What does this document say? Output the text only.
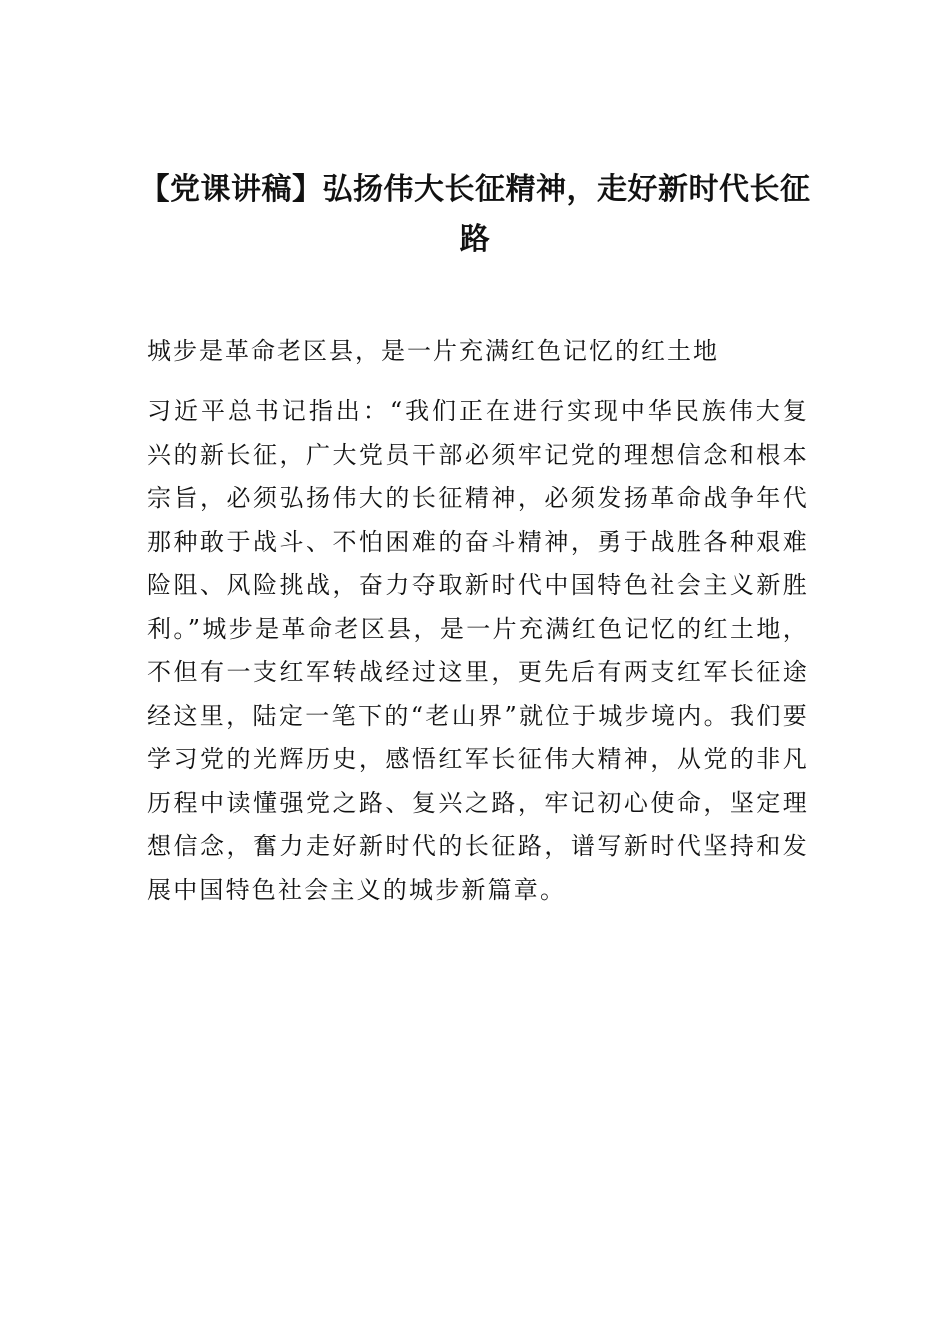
【党课讲稿】弘扬伟大长征精神，走好新时代长征路

城步是革命老区县，是一片充满红色记忆的红土地

习近平总书记指出：“我们正在进行实现中华民族伟大复兴的新长征，广大党员干部必须牢记党的理想信念和根本宗旨，必须弘扬伟大的长征精神，必须发扬革命战争年代那种敢于战斗、不怕困难的奋斗精神，勇于战胜各种艰难险阻、风险挑战，奋力夺取新时代中国特色社会主义新胜利。”城步是革命老区县，是一片充满红色记忆的红土地，不但有一支红军转战经过这里，更先后有两支红军长征途经这里，陆定一笔下的“老山界”就位于城步境内。我们要学习党的光辉历史，感悟红军长征伟大精神，从党的非凡历程中读懂强党之路、复兴之路，牢记初心使命，坚定理想信念，奮力走好新时代的长征路，谱写新时代坚持和发展中国特色社会主义的城步新篇章。
